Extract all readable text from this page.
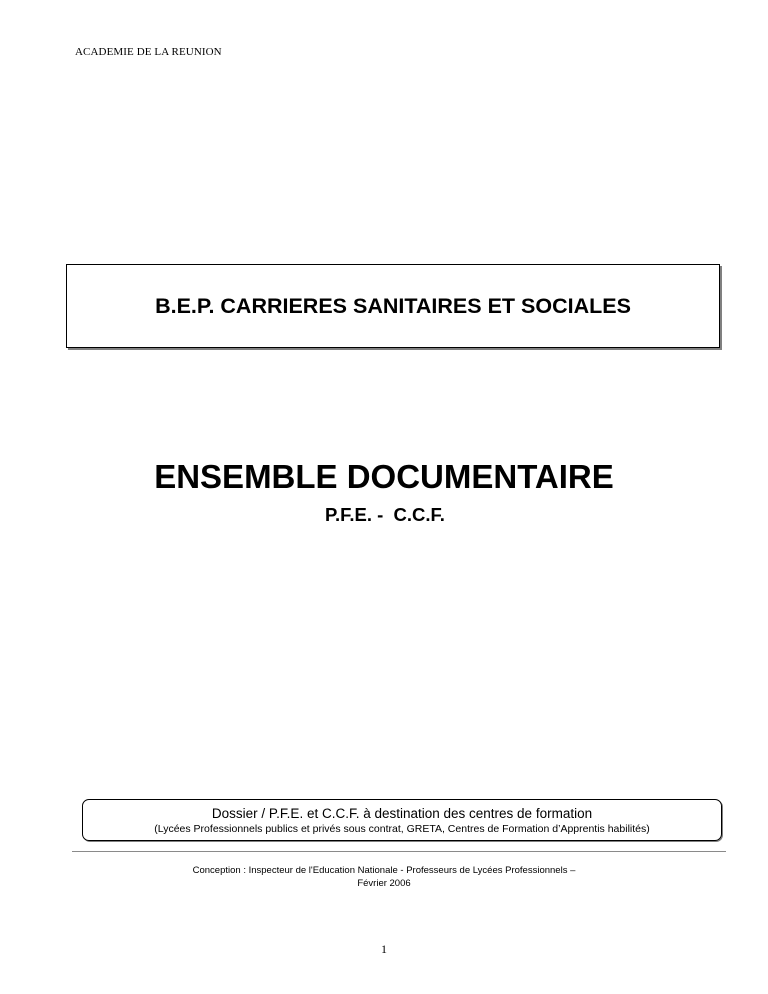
ACADEMIE DE LA REUNION
B.E.P. CARRIERES SANITAIRES ET SOCIALES
ENSEMBLE DOCUMENTAIRE
P.F.E. -  C.C.F.
Dossier / P.F.E. et C.C.F. à destination des centres de formation
(Lycées Professionnels publics et privés sous contrat, GRETA, Centres de Formation d’Apprentis habilités)
Conception : Inspecteur de l'Education Nationale - Professeurs de Lycées Professionnels –
Février 2006
1
